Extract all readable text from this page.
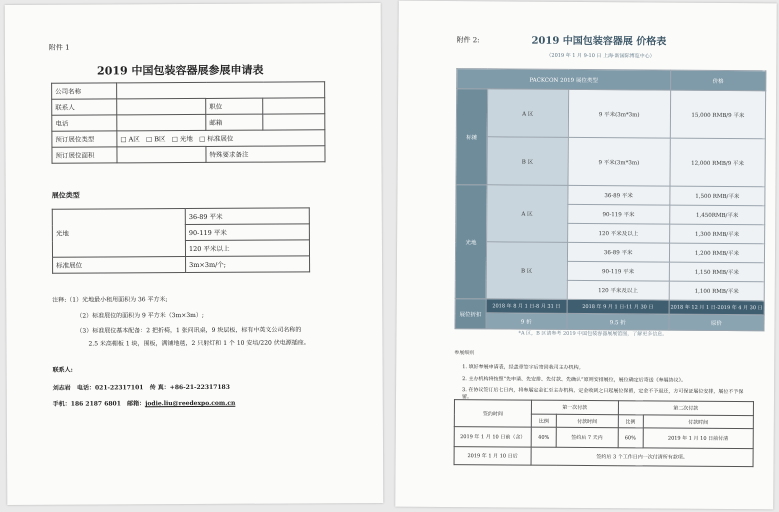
附件 1
2019 中国包装容器展参展申请表
公司名称			
联系人		职位	
电话		邮箱	
预订展位类型	□ A区 □ B区 □ 光地 □ 标准展位		
预订展位面积		特殊要求备注	
展位类型
光地	36-89 平米
	90-119 平米
	120 平米以上
标准展位	3m×3m/个;
注释:（1）光地最小租用面积为 36 平方米;
（2）标准展位的面积为 9 平方米（3m×3m）;
（3）标准展位基本配备：2 把折椅，1 张问讯桌，9 块层板，标有中英文公司名称的
2.5 米高楣板 1 块，围板，满铺地毯，2 只射灯和 1 个 10 安培/220 伏电源插座。
联系人:
刘志岩 电话：021-22317101 传 真：+86-21-22317183
手机：186 2187 6801 邮箱：jodie.liu@reedexpo.com.cn
附件 2:	2019 中国包装容器展 价格表
（2019 年 1 月 9-10 日 上海·新国际博览中心）
PACKCON 2019 展位类型			价格
标摊	A 区	9 平米(3m*3m)	15,000 RMB/9 平米
	B 区	9 平米(3m*3m)	12,000 RMB/9 平米
光地	A 区	36-89 平米	1,500 RMB/平米
		90-119 平米	1,450RMB/平米
		120 平米及以上	1,300 RMB/平米
	B 区	36-89 平米	1,200 RMB/平米
		90-119 平米	1,150 RMB/平米
		120 平米及以上	1,100 RMB/平米
展位折扣	2018 年 8 月 1 日-8 月 31 日	2018 年 9 月 1 日-11 月 30 日	2018 年 12 月 1 日-2019 年 4 月 30 日
	9 折	9.5 折	原价
*A 区，B 区请参考 2019 中国包装容器展展馆图，了解更多信息。
参展细则
1. 填好参展申请表，经盖章签字后寄回我司主办机构。
2. 主办机构将按照“先申请、先安排、先付款、先确认”原则安排展位，展位确定后寄送《参展协议》。
3. 在协议签订后七日内，将参展定金汇至主办机构，定金收到之日起展位保留，定金不予退还，方可保证展位安排，展位不予保留。
签约时间	第一次付款		第二次付款	
	比例	付款时间	比例	付款时间
2019 年 1 月 10 日前（含）	40%	签约后 7 天内	60%	2019 年 1 月 10 日前付清
2019 年 1 月 10 日后	签约后 3 个工作日内一次付清所有款项。			
